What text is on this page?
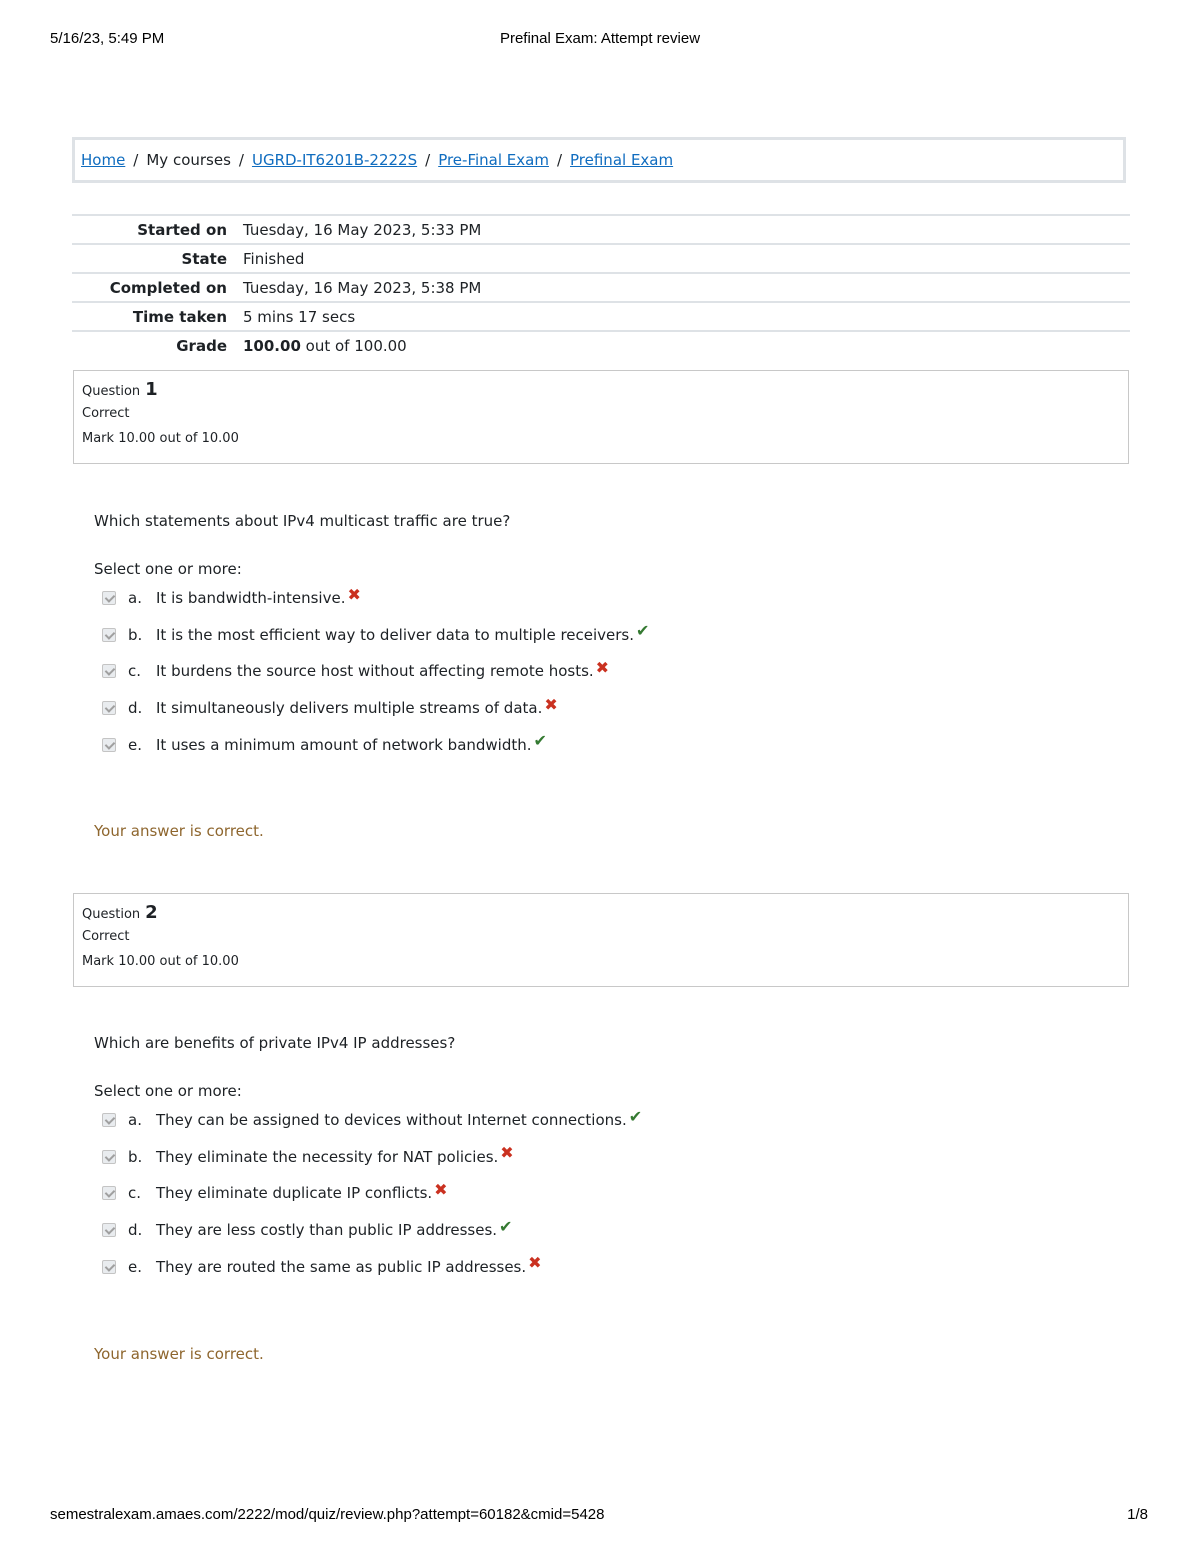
5/16/23, 5:49 PM	Prefinal Exam: Attempt review
Home / My courses / UGRD-IT6201B-2222S / Pre-Final Exam / Prefinal Exam
Started on	Tuesday, 16 May 2023, 5:33 PM
State	Finished
Completed on	Tuesday, 16 May 2023, 5:38 PM
Time taken	5 mins 17 secs
Grade	100.00 out of 100.00
Question 1
Correct
Mark 10.00 out of 10.00
Which statements about IPv4 multicast traffic are true?
Select one or more:
a. It is bandwidth-intensive. ✖
b. It is the most efficient way to deliver data to multiple receivers. ✔
c. It burdens the source host without affecting remote hosts. ✖
d. It simultaneously delivers multiple streams of data. ✖
e. It uses a minimum amount of network bandwidth. ✔
Your answer is correct.
Question 2
Correct
Mark 10.00 out of 10.00
Which are benefits of private IPv4 IP addresses?
Select one or more:
a. They can be assigned to devices without Internet connections. ✔
b. They eliminate the necessity for NAT policies. ✖
c. They eliminate duplicate IP conflicts. ✖
d. They are less costly than public IP addresses. ✔
e. They are routed the same as public IP addresses. ✖
Your answer is correct.
semestralexam.amaes.com/2222/mod/quiz/review.php?attempt=60182&cmid=5428	1/8
